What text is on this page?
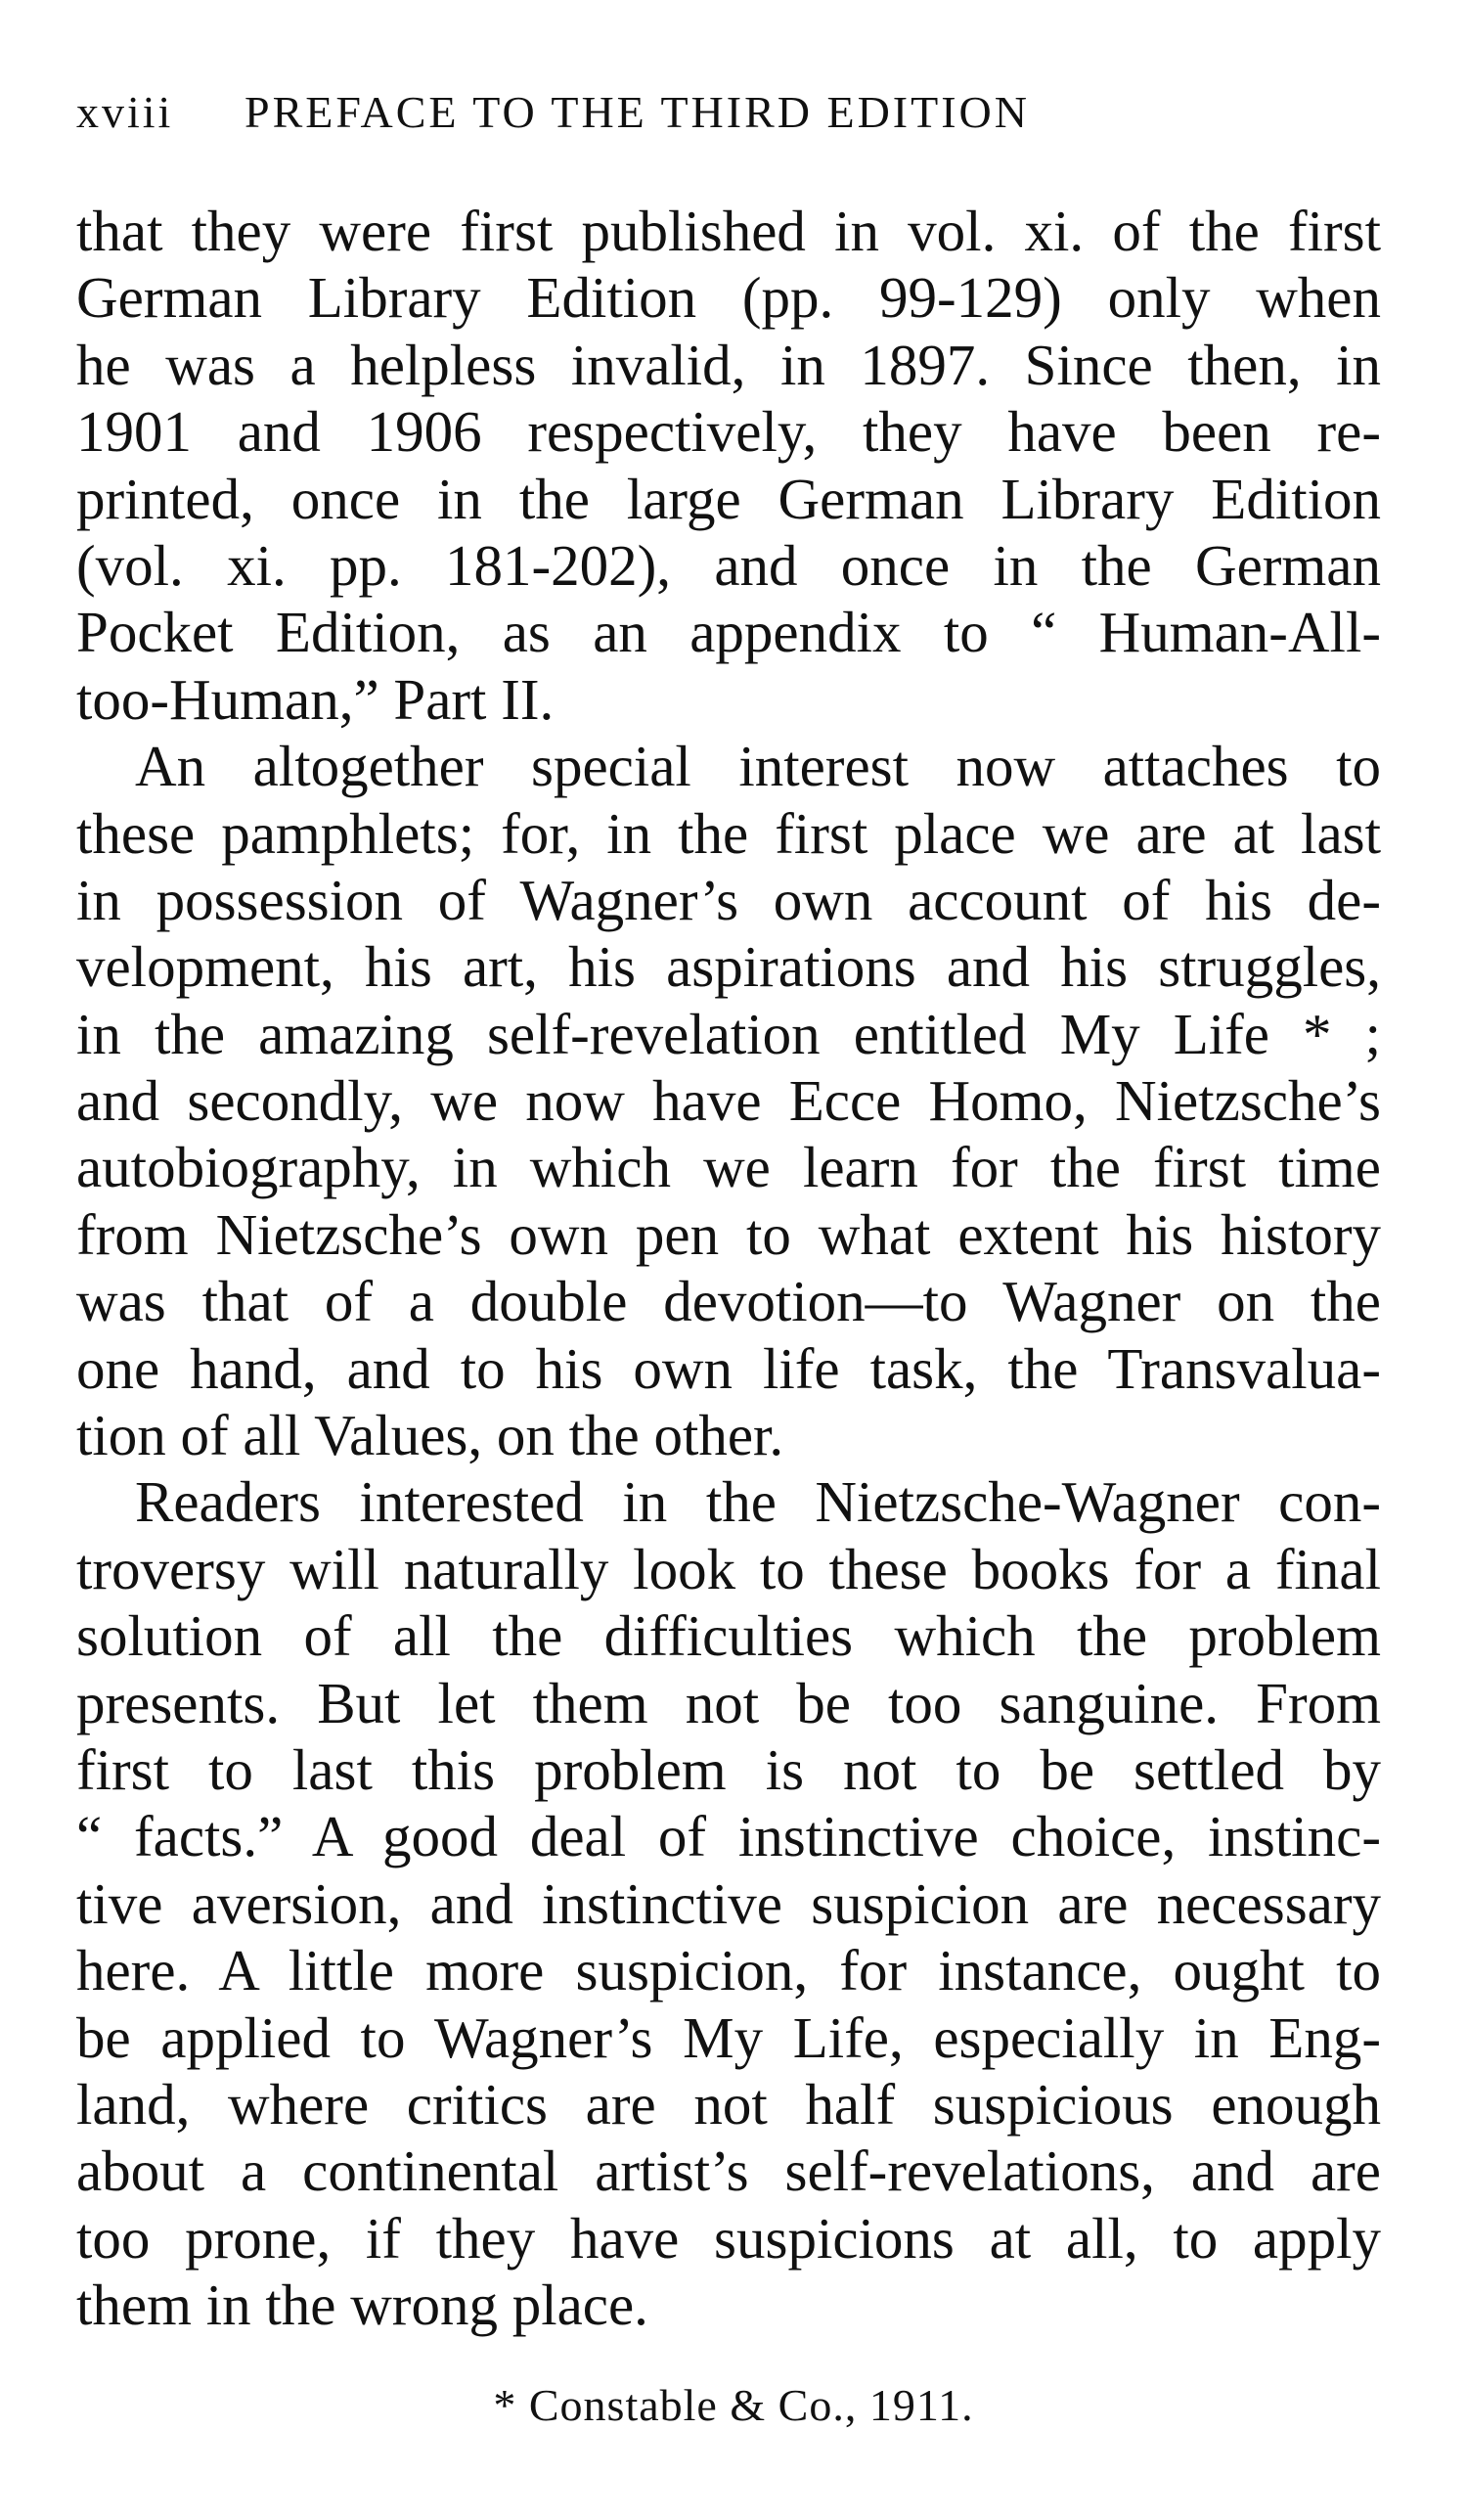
xviii PREFACE TO THE THIRD EDITION
that they were first published in vol. xi. of the first
German Library Edition (pp. 99-129) only when
he was a helpless invalid, in 1897. Since then, in
1901 and 1906 respectively, they have been re-
printed, once in the large German Library Edition
(vol. xi. pp. 181-202), and once in the German
Pocket Edition, as an appendix to “ Human-All-
too-Human,” Part II.
An altogether special interest now attaches to
these pamphlets; for, in the first place we are at last
in possession of Wagner’s own account of his de-
velopment, his art, his aspirations and his struggles,
in the amazing self-revelation entitled My Life * ;
and secondly, we now have Ecce Homo, Nietzsche’s
autobiography, in which we learn for the first time
from Nietzsche’s own pen to what extent his history
was that of a double devotion—to Wagner on the
one hand, and to his own life task, the Transvalua-
tion of all Values, on the other.
Readers interested in the Nietzsche-Wagner con-
troversy will naturally look to these books for a final
solution of all the difficulties which the problem
presents. But let them not be too sanguine. From
first to last this problem is not to be settled by
“ facts.” A good deal of instinctive choice, instinc-
tive aversion, and instinctive suspicion are necessary
here. A little more suspicion, for instance, ought to
be applied to Wagner’s My Life, especially in Eng-
land, where critics are not half suspicious enough
about a continental artist’s self-revelations, and are
too prone, if they have suspicions at all, to apply
them in the wrong place.
* Constable & Co., 1911.
